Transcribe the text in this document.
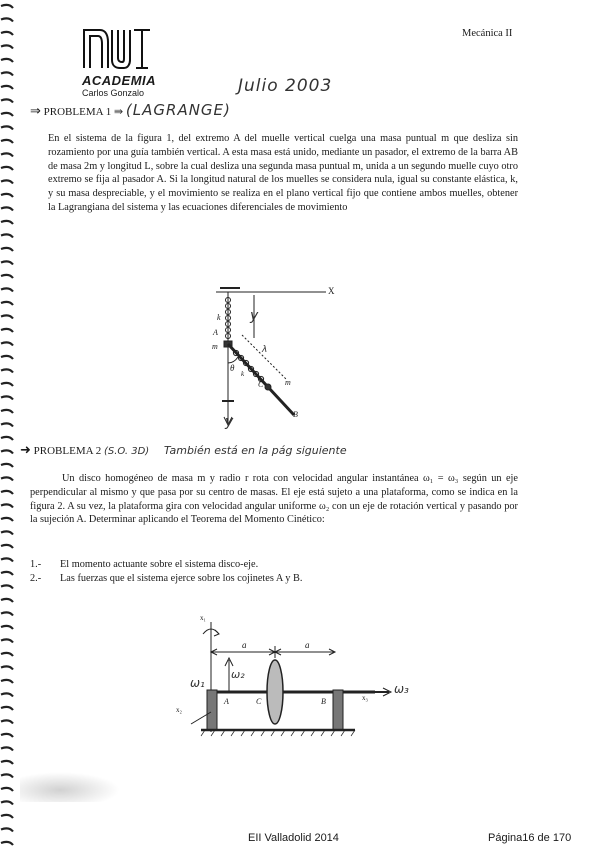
Mecánica II
ACADEMIA
Carlos Gonzalo	Julio 2003
⇒ PROBLEMA 1 ⇛ (LAGRANGE)
En el sistema de la figura 1, del extremo A del muelle vertical cuelga una masa puntual m que desliza sin rozamiento por una guía también vertical. A esta masa está unido, mediante un pasador, el extremo de la barra AB de masa 2m y longitud L, sobre la cual desliza una segunda masa puntual m, unida a un segundo muelle cuyo otro extremo se fija al pasador A. Si la longitud natural de los muelles se considera nula, igual su constante elástica, k, y su masa despreciable, y el movimiento se realiza en el plano vertical fijo que contiene ambos muelles, obtener la Lagrangiana del sistema y las ecuaciones diferenciales de movimiento
X
y
k
A
m	λ
θ
k
C	m
B
y
➜ PROBLEMA 2 (S.O. 3D) También está en la pág siguiente
Un disco homogéneo de masa m y radio r rota con velocidad angular instantánea ω₁ = ω₃ según un eje perpendicular al mismo y que pasa por su centro de masas. El eje está sujeto a una plataforma, como se indica en la figura 2. A su vez, la plataforma gira con velocidad angular uniforme ω₂ con un eje de rotación vertical y pasando por la sujeción A. Determinar aplicando el Teorema del Momento Cinético:
1.-	El momento actuante sobre el sistema disco-eje.
2.-	Las fuerzas que el sistema ejerce sobre los cojinetes A y B.
x₁
x₂
x₃
a	a
A	C	B
ω₁
ω₂
ω₃
EII Valladolid 2014	Página16 de 170
